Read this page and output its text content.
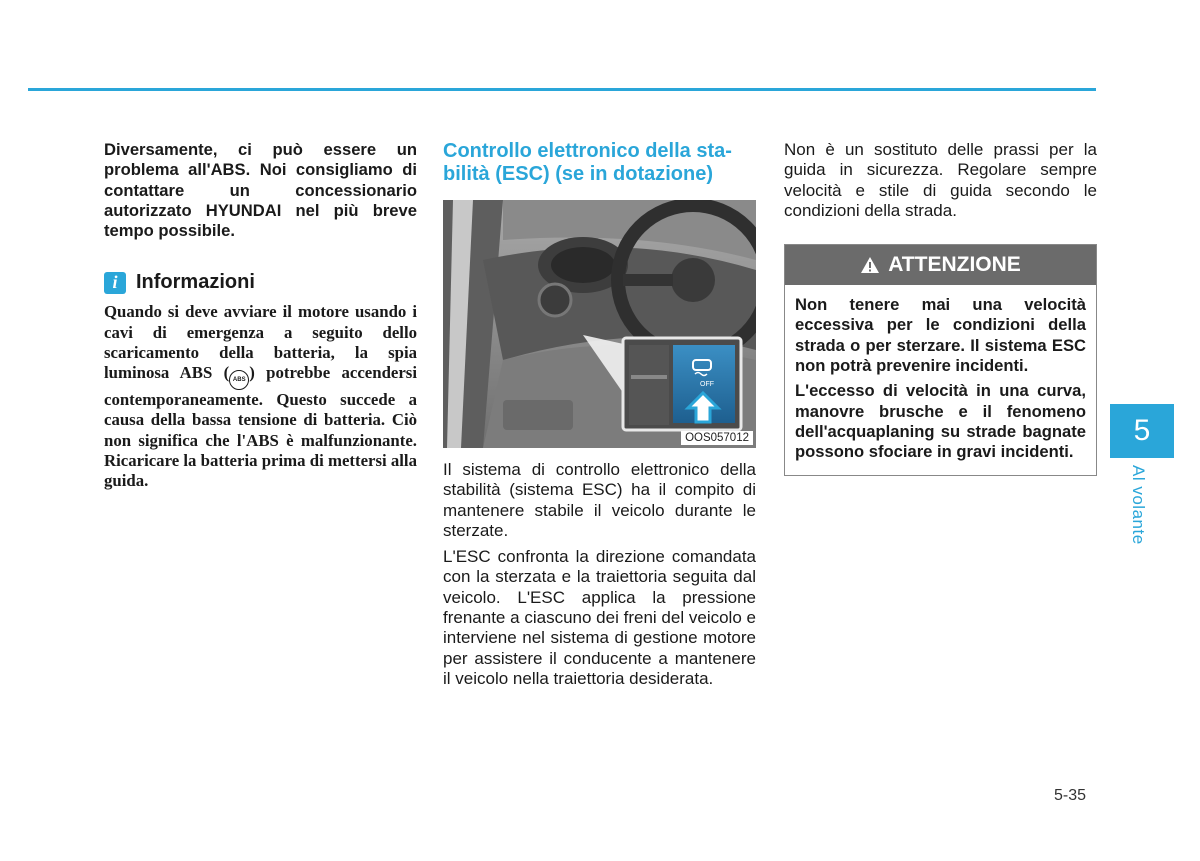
Diversamente, ci può essere un problema all'ABS. Noi consigliamo di contattare un concessionario autorizzato HYUNDAI nel più breve tempo possibile.

i Informazioni

Quando si deve avviare il motore usando i cavi di emergenza a seguito dello scaricamento della batteria, la spia luminosa ABS ( ABS ) potrebbe accendersi contemporaneamente. Questo succede a causa della bassa tensione di batteria. Ciò non significa che l'ABS è malfunzionante. Ricaricare la batteria prima di mettersi alla guida.

Controllo elettronico della sta-bilità (ESC) (se in dotazione)
OFF
OOS057012

Il sistema di controllo elettronico della stabilità (sistema ESC) ha il compito di mantenere stabile il veicolo durante le sterzate.

L'ESC confronta la direzione comandata con la sterzata e la traiettoria seguita dal veicolo. L'ESC applica la pressione frenante a ciascuno dei freni del veicolo e interviene nel sistema di gestione motore per assistere il conducente a mantenere il veicolo nella traiettoria desiderata.

Non è un sostituto delle prassi per la guida in sicurezza. Regolare sempre velocità e stile di guida secondo le condizioni della strada.

ATTENZIONE

Non tenere mai una velocità eccessiva per le condizioni della strada o per sterzare. Il sistema ESC non potrà prevenire incidenti.

L'eccesso di velocità in una curva, manovre brusche e il fenomeno dell'acquaplaning su strade bagnate possono sfociare in gravi incidenti.

5
Al volante
5-35
